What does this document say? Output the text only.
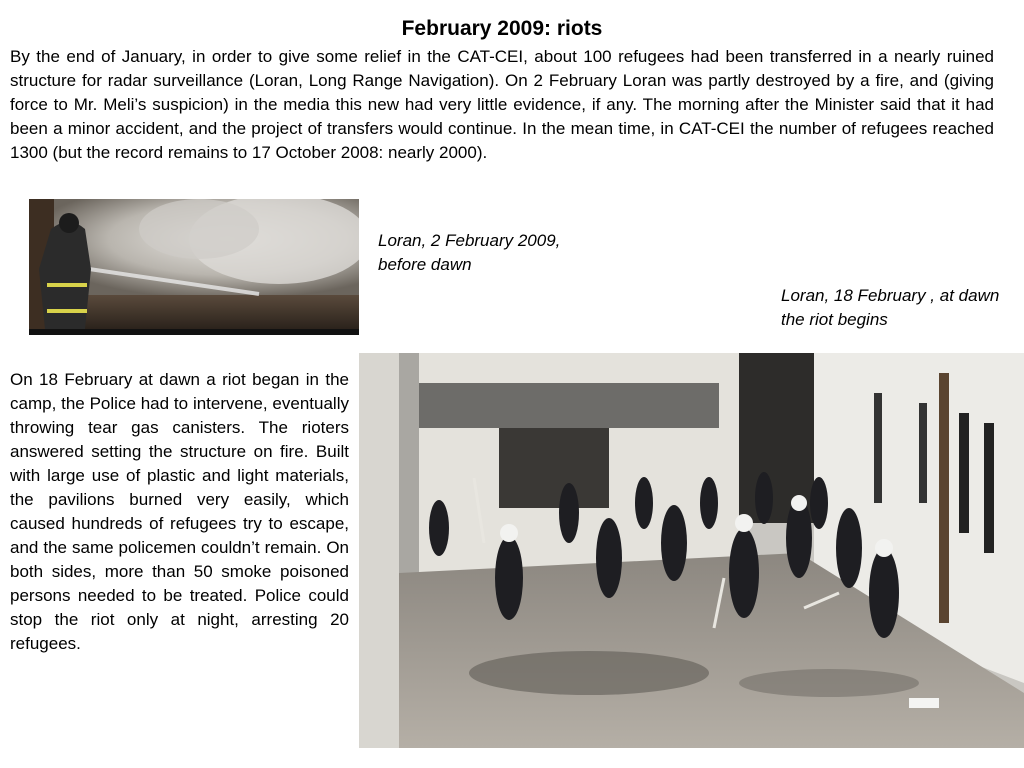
February 2009: riots

By the end of January, in order to give some relief in the CAT-CEI, about 100 refugees had been transferred in a nearly ruined structure for radar surveillance (Loran, Long Range Navigation). On 2 February Loran was partly destroyed by a fire, and (giving force to Mr. Meli’s suspicion) in the media this new had very little evidence, if any. The morning after the Minister said that it had been a minor accident, and the project of transfers would continue. In the mean time, in CAT-CEI the number of refugees reached 1300 (but the record remains to 17 October 2008: nearly 2000).

Loran, 2 February 2009, before dawn

Loran, 18 February , at dawn the riot begins

On 18 February at dawn a riot began in the camp, the Police had to intervene, eventually throwing tear gas canisters. The rioters answered setting the structure on fire. Built with large use of plastic and light materials, the pavilions burned very easily, which caused hundreds of refugees try to escape, and the same policemen couldn’t remain. On both sides, more than 50 smoke poisoned persons needed to be treated. Police could stop the riot only at night, arresting 20 refugees.
